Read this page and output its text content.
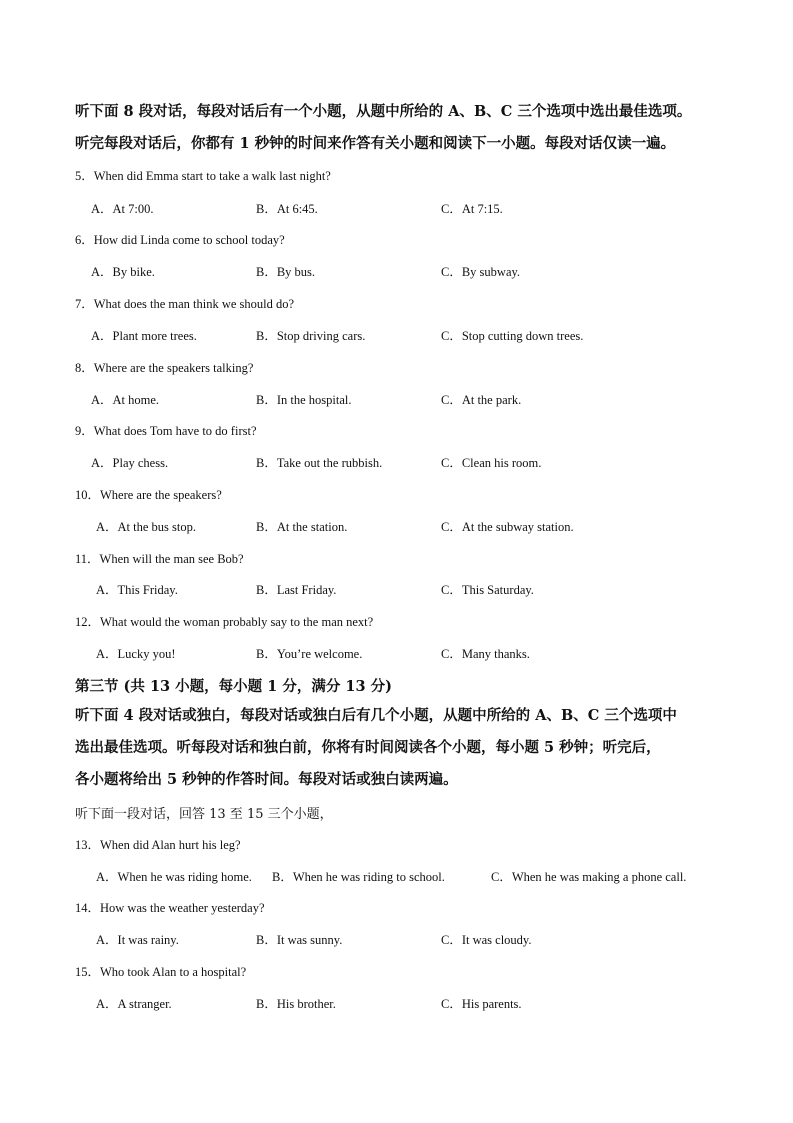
听下面 8 段对话，每段对话后有一个小题，从题中所给的 A、B、C 三个选项中选出最佳选项。
听完每段对话后，你都有 1 秒钟的时间来作答有关小题和阅读下一小题。每段对话仅读一遍。
5．When did Emma start to take a walk last night?
A．At 7:00.	B．At 6:45.	C．At 7:15.
6．How did Linda come to school today?
A．By bike.	B．By bus.	C．By subway.
7．What does the man think we should do?
A．Plant more trees.	B．Stop driving cars.	C．Stop cutting down trees.
8．Where are the speakers talking?
A．At home.	B．In the hospital.	C．At the park.
9．What does Tom have to do first?
A．Play chess.	B．Take out the rubbish.	C．Clean his room.
10．Where are the speakers?
A．At the bus stop.	B．At the station.	C．At the subway station.
11．When will the man see Bob?
A．This Friday.	B．Last Friday.	C．This Saturday.
12．What would the woman probably say to the man next?
A．Lucky you!	B．You’re welcome.	C．Many thanks.
第三节 (共 13 小题，每小题 1 分，满分 13 分)
听下面 4 段对话或独白，每段对话或独白后有几个小题，从题中所给的 A、B、C 三个选项中
选出最佳选项。听每段对话和独白前，你将有时间阅读各个小题，每小题 5 秒钟；听完后，
各小题将给出 5 秒钟的作答时间。每段对话或独白读两遍。
听下面一段对话，回答 13 至 15 三个小题，
13．When did Alan hurt his leg?
A．When he was riding home. B．When he was riding to school.	C．When he was making a phone call.
14．How was the weather yesterday?
A．It was rainy.	B．It was sunny.	C．It was cloudy.
15．Who took Alan to a hospital?
A．A stranger.	B．His brother.	C．His parents.
